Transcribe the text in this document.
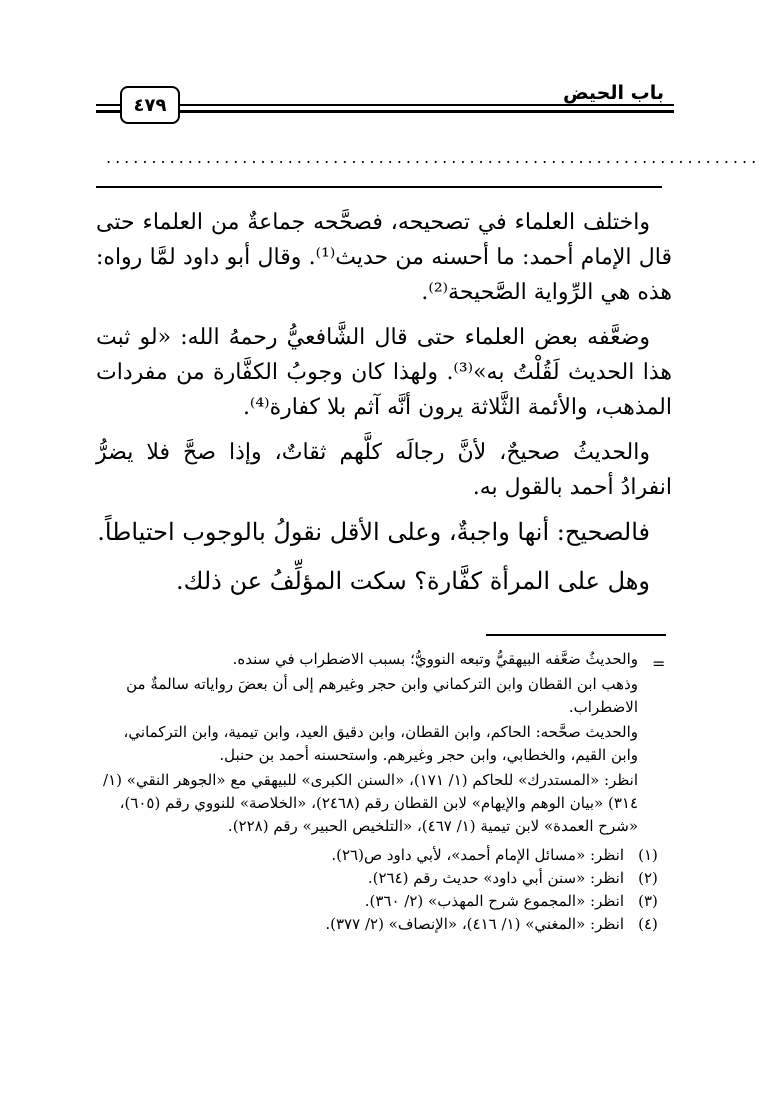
باب الحيض
٤٧٩
........................................................................

واختلف العلماء في تصحيحه، فصحَّحه جماعةٌ من العلماء حتى قال الإمام أحمد: ما أحسنه من حديث⁽¹⁾. وقال أبو داود لمَّا رواه: هذه هي الرِّواية الصَّحيحة⁽²⁾.

وضعَّفه بعض العلماء حتى قال الشَّافعيُّ رحمهُ الله: «لو ثبت هذا الحديث لَقُلْتُ به»⁽³⁾. ولهذا كان وجوبُ الكفَّارة من مفردات المذهب، والأئمة الثَّلاثة يرون أنَّه آثم بلا كفارة⁽⁴⁾.

والحديثُ صحيحٌ، لأنَّ رجالَه كلَّهم ثقاتٌ، وإذا صحَّ فلا يضرُّ انفرادُ أحمد بالقول به.

فالصحيح: أنها واجبةٌ، وعلى الأقل نقولُ بالوجوب احتياطاً.

وهل على المرأة كفَّارة؟ سكت المؤلِّفُ عن ذلك.

=

والحديثُ ضعَّفه البيهقيُّ وتبعه النوويُّ؛ بسبب الاضطراب في سنده.

وذهب ابن القطان وابن التركماني وابن حجر وغيرهم إلى أن بعضَ رواياته سالمةٌ من الاضطراب.

والحديث صحَّحه: الحاكم، وابن القطان، وابن دقيق العيد، وابن تيمية، وابن التركماني، وابن القيم، والخطابي، وابن حجر وغيرهم. واستحسنه أحمد بن حنبل.

انظر: «المستدرك» للحاكم (١/ ١٧١)، «السنن الكبرى» للبيهقي مع «الجوهر النقي» (١/ ٣١٤) «بيان الوهم والإيهام» لابن القطان رقم (٢٤٦٨)، «الخلاصة» للنووي رقم (٦٠٥)، «شرح العمدة» لابن تيمية (١/ ٤٦٧)، «التلخيص الحبير» رقم (٢٢٨).

(١)
انظر: «مسائل الإمام أحمد»، لأبي داود ص(٢٦).
(٢)
انظر: «سنن أبي داود» حديث رقم (٢٦٤).
(٣)
انظر: «المجموع شرح المهذب» (٢/ ٣٦٠).
(٤)
انظر: «المغني» (١/ ٤١٦)، «الإنصاف» (٢/ ٣٧٧).
